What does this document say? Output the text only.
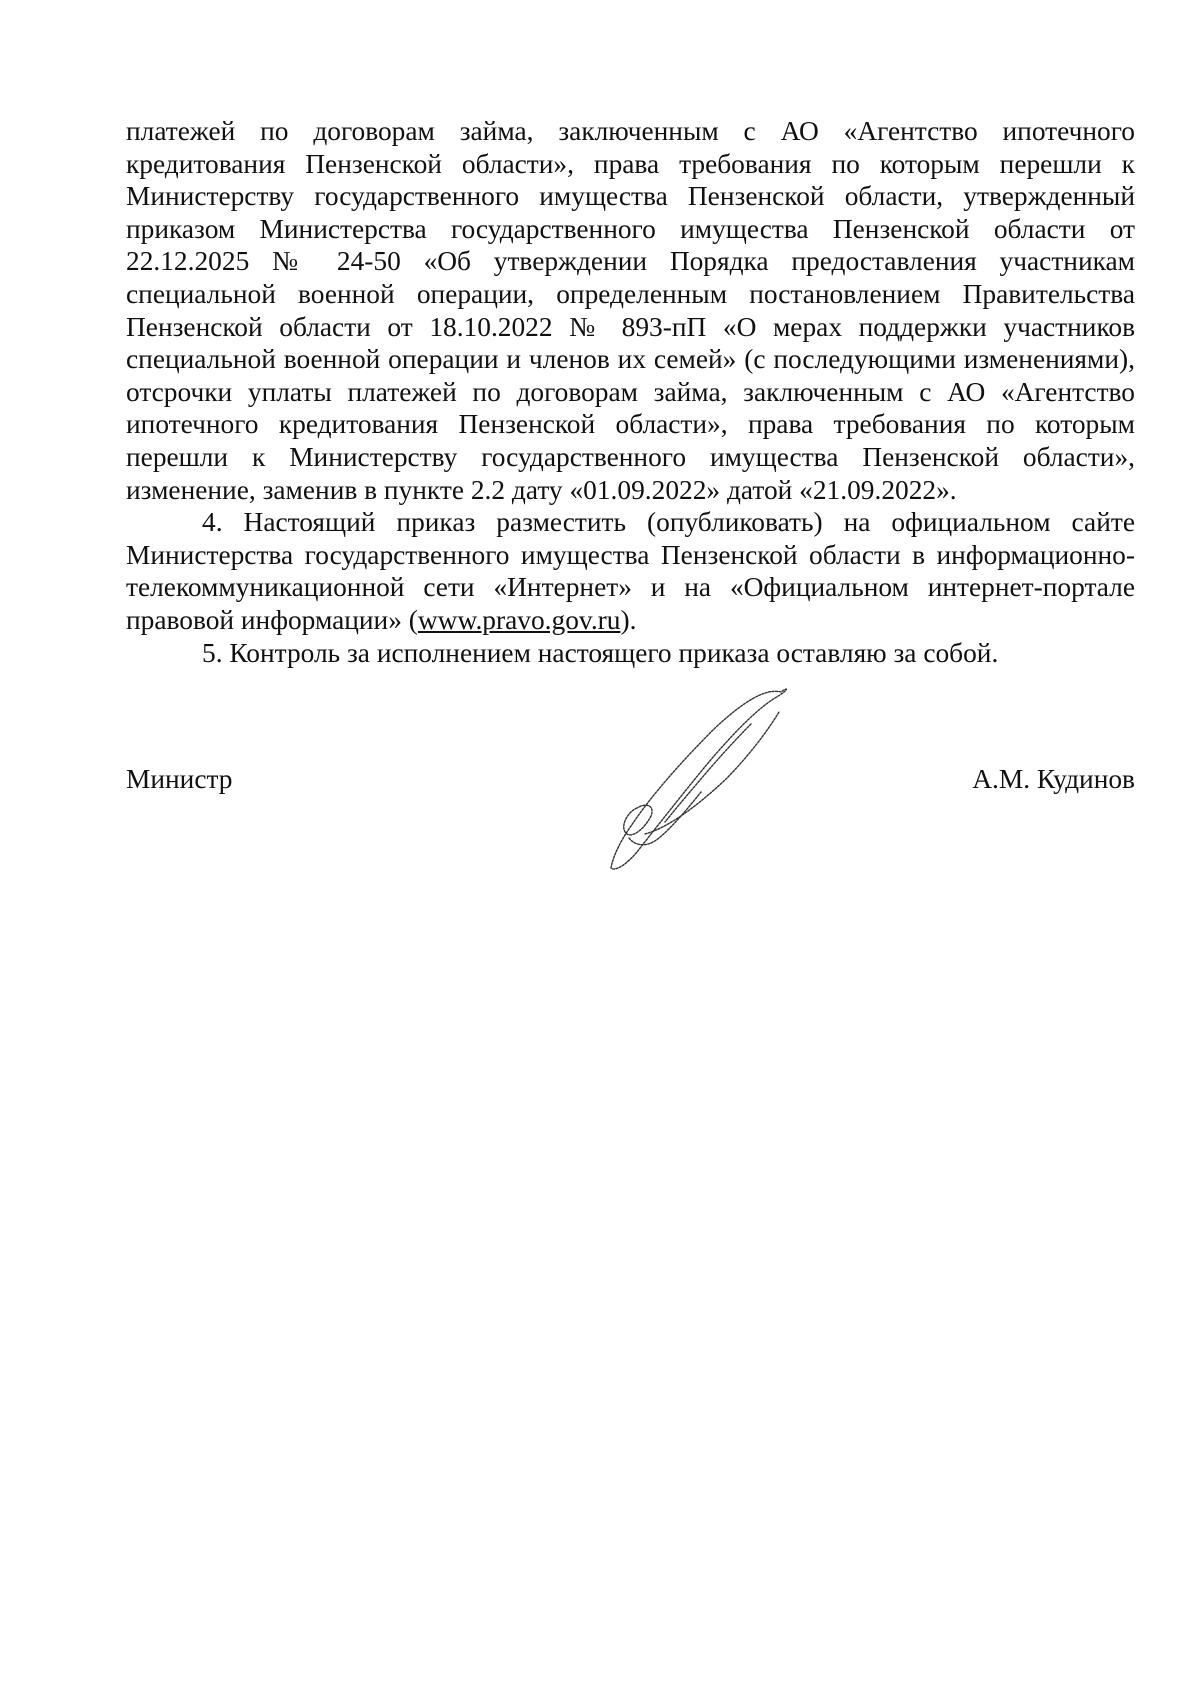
платежей по договорам займа, заключенным с АО «Агентство ипотечного кредитования Пензенской области», права требования по которым перешли к Министерству государственного имущества Пензенской области, утвержденный приказом Министерства государственного имущества Пензенской области от 22.12.2025 № 24-50 «Об утверждении Порядка предоставления участникам специальной военной операции, определенным постановлением Правительства Пензенской области от 18.10.2022 № 893-пП «О мерах поддержки участников специальной военной операции и членов их семей» (с последующими изменениями), отсрочки уплаты платежей по договорам займа, заключенным с АО «Агентство ипотечного кредитования Пензенской области», права требования по которым перешли к Министерству государственного имущества Пензенской области», изменение, заменив в пункте 2.2 дату «01.09.2022» датой «21.09.2022».

4. Настоящий приказ разместить (опубликовать) на официальном сайте Министерства государственного имущества Пензенской области в информационно-телекоммуникационной сети «Интернет» и на «Официальном интернет-портале правовой информации» (www.pravo.gov.ru).

5. Контроль за исполнением настоящего приказа оставляю за собой.

Министр	А.М. Кудинов
